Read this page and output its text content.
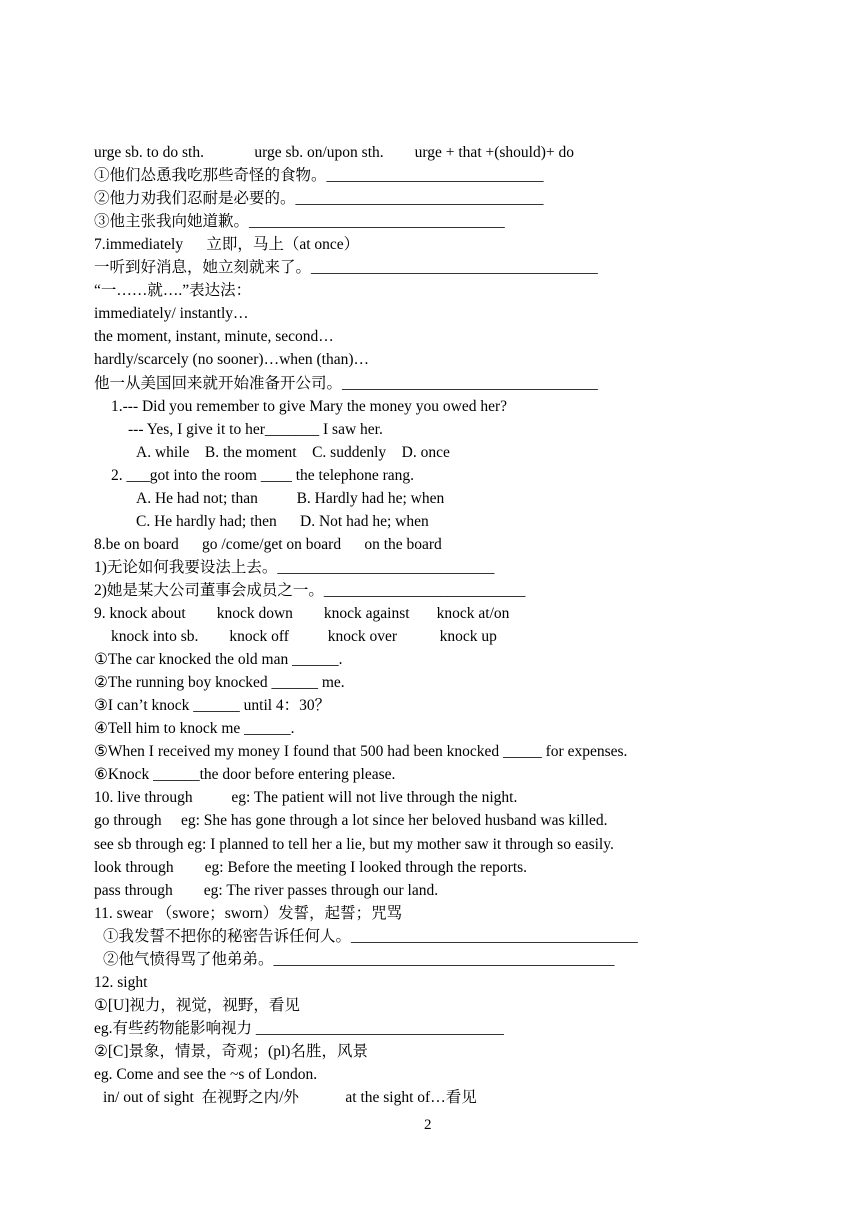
2
urge sb. to do sth.             urge sb. on/upon sth.        urge + that +(should)+ do
①他们怂恿我吃那些奇怪的食物。____________________________
②他力劝我们忍耐是必要的。________________________________
③他主张我向她道歉。_________________________________
7.immediately      立即，马上（at once）
一听到好消息，她立刻就来了。_____________________________________
“一……就….”表达法：
immediately/ instantly…
the moment, instant, minute, second…
hardly/scarcely (no sooner)…when (than)…
他一从美国回来就开始准备开公司。_________________________________
1.--- Did you remember to give Mary the money you owed her?
--- Yes, I give it to her_______ I saw her.
A. while    B. the moment    C. suddenly    D. once
2. ___got into the room ____ the telephone rang.
A. He had not; than          B. Hardly had he; when
C. He hardly had; then      D. Not had he; when
8.be on board      go /come/get on board      on the board
1)无论如何我要设法上去。____________________________
2)她是某大公司董事会成员之一。__________________________
9. knock about        knock down        knock against       knock at/on
knock into sb.        knock off          knock over           knock up
①The car knocked the old man ______.
②The running boy knocked ______ me.
③I can’t knock ______ until 4：30？
④Tell him to knock me ______.
⑤When I received my money I found that 500 had been knocked _____ for expenses.
⑥Knock ______the door before entering please.
10. live through          eg: The patient will not live through the night.
go through     eg: She has gone through a lot since her beloved husband was killed.
see sb through eg: I planned to tell her a lie, but my mother saw it through so easily.
look through        eg: Before the meeting I looked through the reports.
pass through        eg: The river passes through our land.
11. swear （swore；sworn）发誓，起誓；咒骂
①我发誓不把你的秘密告诉任何人。_____________________________________
②他气愤得骂了他弟弟。____________________________________________
12. sight
①[U]视力，视觉，视野，看见
eg.有些药物能影响视力 ________________________________
②[C]景象，情景，奇观；(pl)名胜，风景
eg. Come and see the ~s of London.
in/ out of sight  在视野之内/外            at the sight of…看见
